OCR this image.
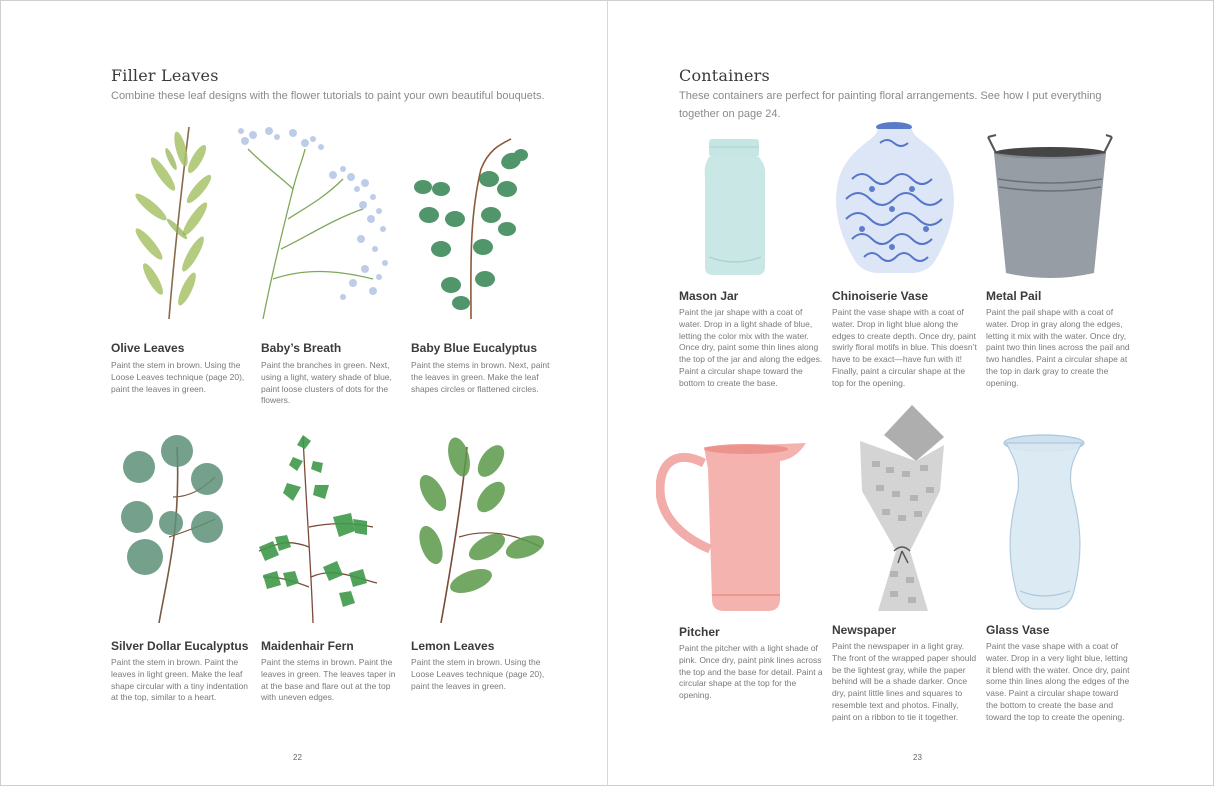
Filler Leaves

Combine these leaf designs with the flower tutorials to paint your own beautiful bouquets.

Olive Leaves
Paint the stem in brown. Using the Loose Leaves technique (page 20), paint the leaves in green.
Baby’s Breath
Paint the branches in green. Next, using a light, watery shade of blue, paint loose clusters of dots for the flowers.
Baby Blue Eucalyptus
Paint the stems in brown. Next, paint the leaves in green. Make the leaf shapes circles or flattened circles.
Silver Dollar Eucalyptus
Paint the stem in brown. Paint the leaves in light green. Make the leaf shape circular with a tiny indentation at the top, similar to a heart.
Maidenhair Fern
Paint the stems in brown. Paint the leaves in green. The leaves taper in at the base and flare out at the top with uneven edges.
Lemon Leaves
Paint the stem in brown. Using the Loose Leaves technique (page 20), paint the leaves in green.
22
Containers

These containers are perfect for painting floral arrangements. See how I put everything together on page 24.

Mason Jar
Paint the jar shape with a coat of water. Drop in a light shade of blue, letting the color mix with the water. Once dry, paint some thin lines along the top of the jar and along the edges. Paint a circular shape toward the bottom to create the base.
Chinoiserie Vase
Paint the vase shape with a coat of water. Drop in light blue along the edges to create depth. Once dry, paint swirly floral motifs in blue. This doesn’t have to be exact—have fun with it! Finally, paint a circular shape at the top for the opening.
Metal Pail
Paint the pail shape with a coat of water. Drop in gray along the edges, letting it mix with the water. Once dry, paint two thin lines across the pail and two handles. Paint a circular shape at the top in dark gray to create the opening.
Pitcher
Paint the pitcher with a light shade of pink. Once dry, paint pink lines across the top and the base for detail. Paint a circular shape at the top for the opening.
Newspaper
Paint the newspaper in a light gray. The front of the wrapped paper should be the lightest gray, while the paper behind will be a shade darker. Once dry, paint little lines and squares to resemble text and photos. Finally, paint on a ribbon to tie it together.
Glass Vase
Paint the vase shape with a coat of water. Drop in a very light blue, letting it blend with the water. Once dry, paint some thin lines along the edges of the vase. Paint a circular shape toward the bottom to create the base and toward the top to create the opening.
23
